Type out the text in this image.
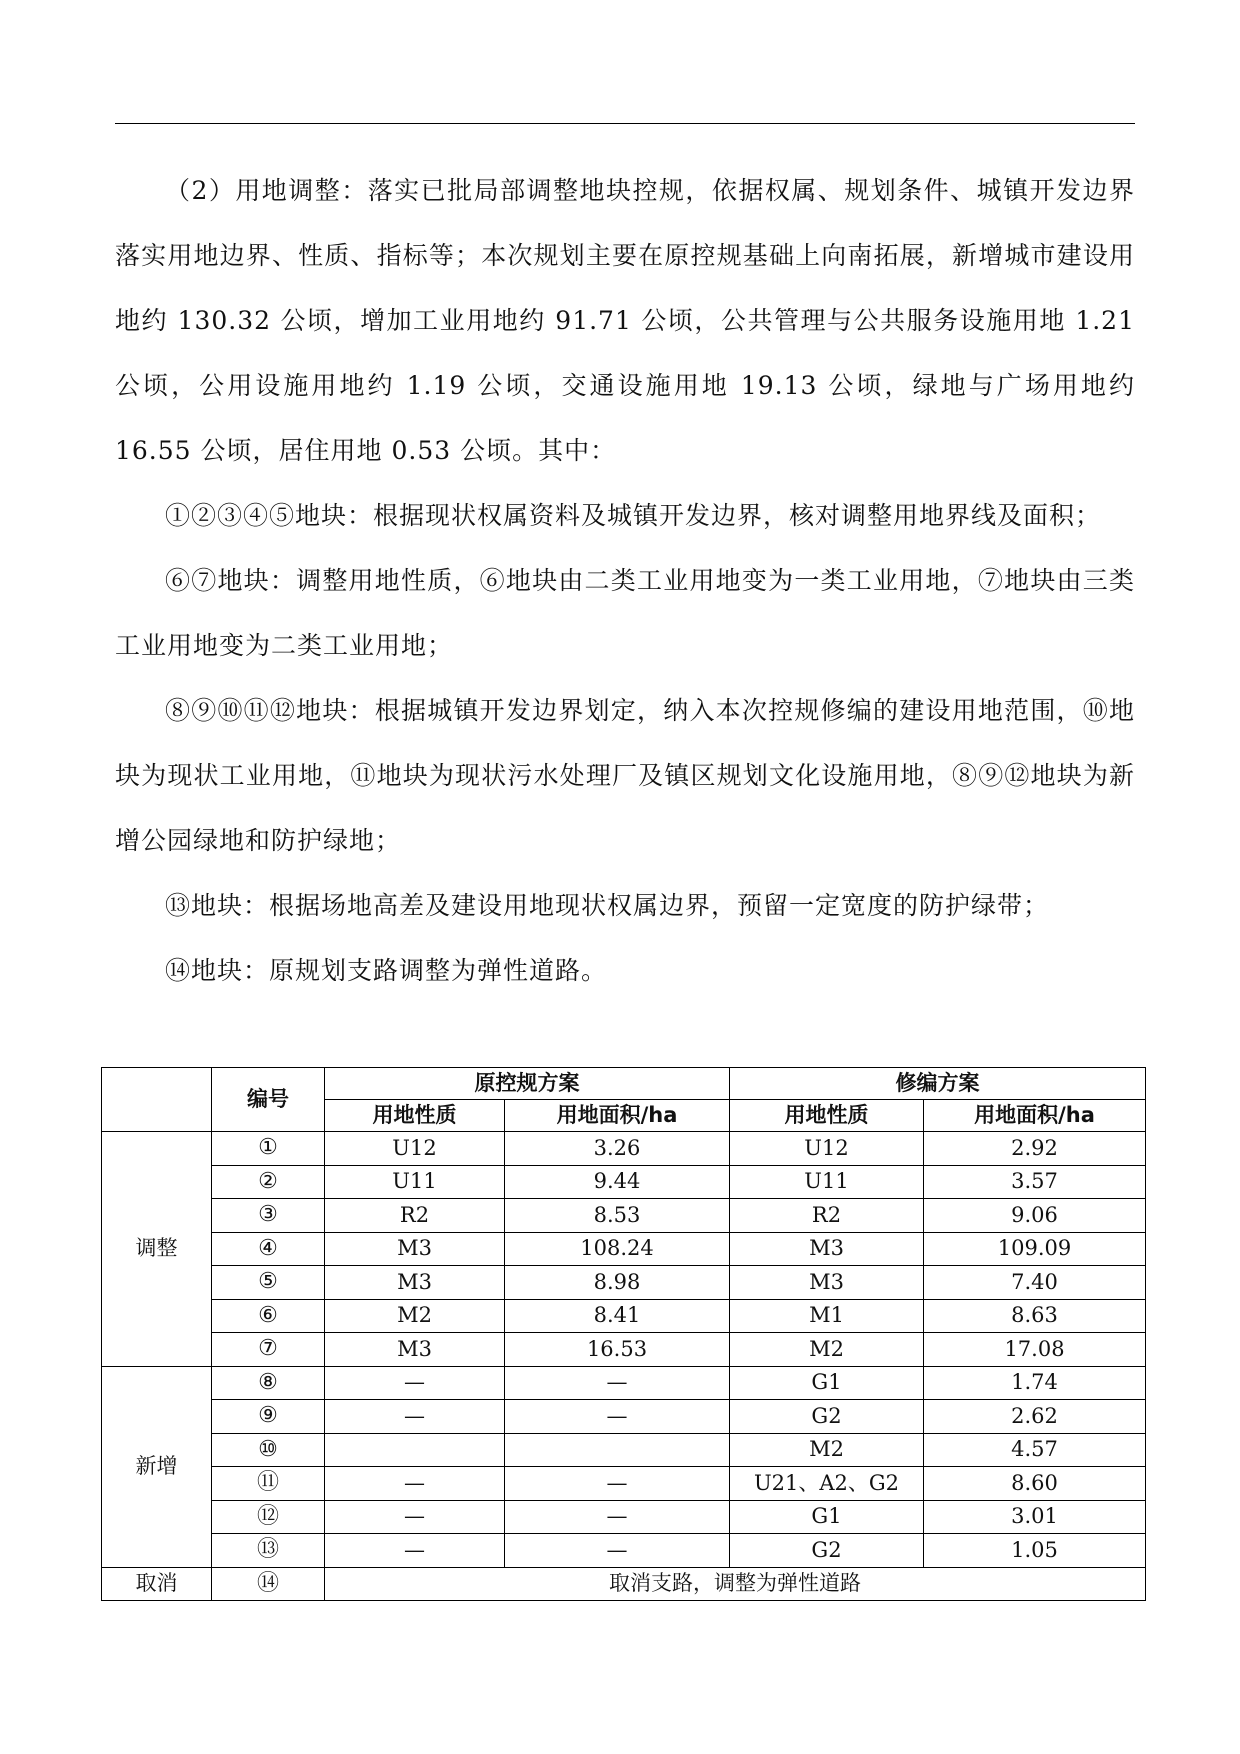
（2）用地调整：落实已批局部调整地块控规，依据权属、规划条件、城镇开发边界落实用地边界、性质、指标等；本次规划主要在原控规基础上向南拓展，新增城市建设用地约 130.32 公顷，增加工业用地约 91.71 公顷，公共管理与公共服务设施用地 1.21 公顷，公用设施用地约 1.19 公顷，交通设施用地 19.13 公顷，绿地与广场用地约 16.55 公顷，居住用地 0.53 公顷。其中：

①②③④⑤地块：根据现状权属资料及城镇开发边界，核对调整用地界线及面积；

⑥⑦地块：调整用地性质，⑥地块由二类工业用地变为一类工业用地，⑦地块由三类工业用地变为二类工业用地；

⑧⑨⑩⑪⑫地块：根据城镇开发边界划定，纳入本次控规修编的建设用地范围，⑩地块为现状工业用地，⑪地块为现状污水处理厂及镇区规划文化设施用地，⑧⑨⑫地块为新增公园绿地和防护绿地；

⑬地块：根据场地高差及建设用地现状权属边界，预留一定宽度的防护绿带；

⑭地块：原规划支路调整为弹性道路。

	编号	原控规方案		修编方案	
		用地性质	用地面积/ha	用地性质	用地面积/ha
调整	①	U12	3.26	U12	2.92
	②	U11	9.44	U11	3.57
	③	R2	8.53	R2	9.06
	④	M3	108.24	M3	109.09
	⑤	M3	8.98	M3	7.40
	⑥	M2	8.41	M1	8.63
	⑦	M3	16.53	M2	17.08
新增	⑧	—	—	G1	1.74
	⑨	—	—	G2	2.62
	⑩			M2	4.57
	⑪	—	—	U21、A2、G2	8.60
	⑫	—	—	G1	3.01
	⑬	—	—	G2	1.05
取消	⑭	取消支路，调整为弹性道路			
